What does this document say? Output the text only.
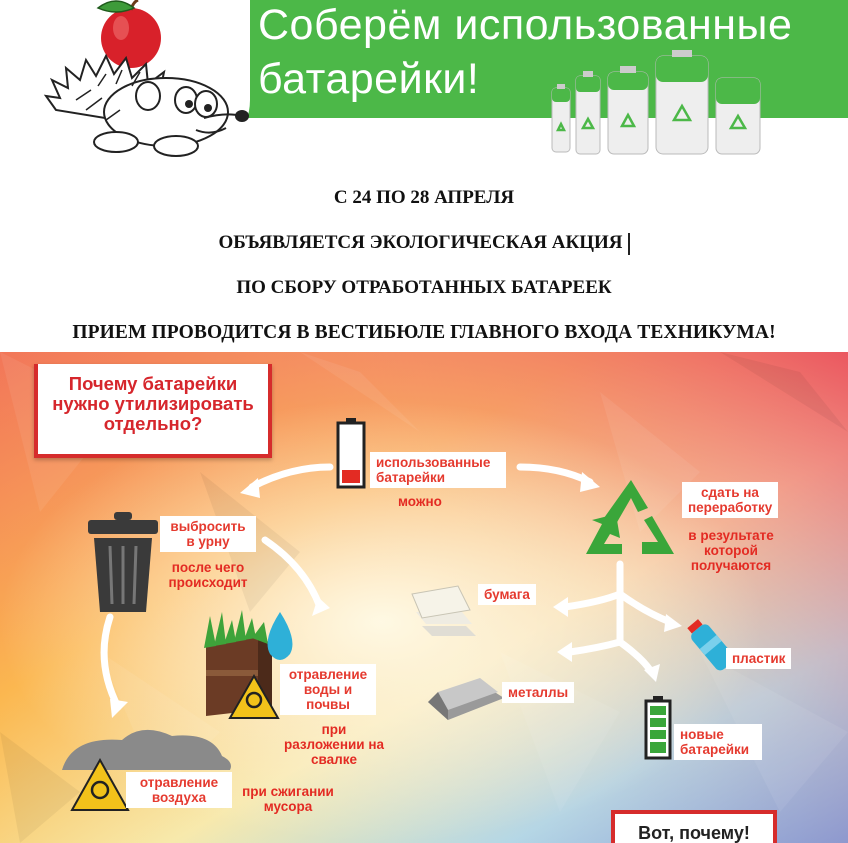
Соберём использованные
батарейки!
С 24 ПО 28 АПРЕЛЯ
ОБЪЯВЛЯЕТСЯ ЭКОЛОГИЧЕСКАЯ АКЦИЯ
ПО СБОРУ ОТРАБОТАННЫХ БАТАРЕЕК
ПРИЕМ ПРОВОДИТСЯ В ВЕСТИБЮЛЕ ГЛАВНОГО ВХОДА ТЕХНИКУМА!
Почему батарейки нужно утилизировать отдельно?
использованные батарейки
можно
сдать на переработку
в результате которой получаются
выбросить в урну
после чего происходит
отравление воды и почвы
при разложении на свалке
отравление воздуха	при сжигании мусора
бумага
металлы
пластик
новые батарейки
Вот, почему!
